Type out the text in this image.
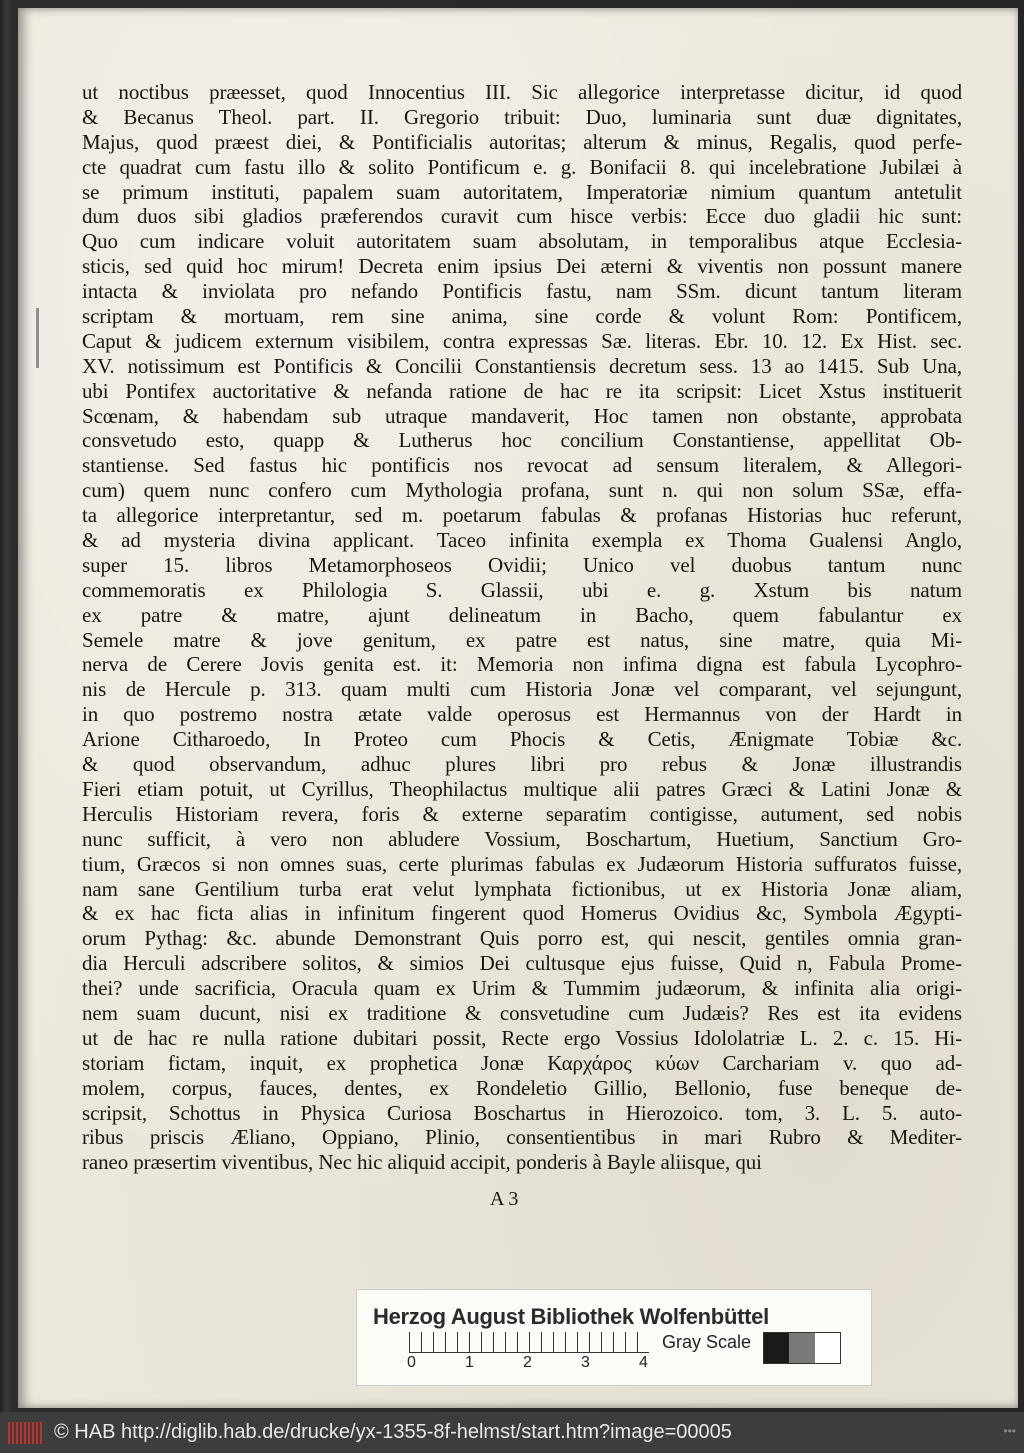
ut noctibus præesset, quod Innocentius III. Sic allegorice interpretasse dicitur, id quod
& Becanus Theol. part. II. Gregorio tribuit: Duo, luminaria sunt duæ dignitates,
Majus, quod præest diei, & Pontificialis autoritas; alterum & minus, Regalis, quod perfe-
cte quadrat cum fastu illo & solito Pontificum e. g. Bonifacii 8. qui incelebratione Jubilæi à
se primum instituti, papalem suam autoritatem, Imperatoriæ nimium quantum antetulit
dum duos sibi gladios præferendos curavit cum hisce verbis: Ecce duo gladii hic sunt:
Quo cum indicare voluit autoritatem suam absolutam, in temporalibus atque Ecclesia-
sticis, sed quid hoc mirum! Decreta enim ipsius Dei æterni & viventis non possunt manere
intacta & inviolata pro nefando Pontificis fastu, nam SSm. dicunt tantum literam
scriptam & mortuam, rem sine anima, sine corde & volunt Rom: Pontificem,
Caput & judicem externum visibilem, contra expressas Sæ. literas. Ebr. 10. 12. Ex Hist. sec.
XV. notissimum est Pontificis & Concilii Constantiensis decretum sess. 13 ao 1415. Sub Una,
ubi Pontifex auctoritative & nefanda ratione de hac re ita scripsit: Licet Xstus instituerit
Scœnam, & habendam sub utraque mandaverit, Hoc tamen non obstante, approbata
consvetudo esto, quapp & Lutherus hoc concilium Constantiense, appellitat Ob-
stantiense. Sed fastus hic pontificis nos revocat ad sensum literalem, & Allegori-
cum) quem nunc confero cum Mythologia profana, sunt n. qui non solum SSæ, effa-
ta allegorice interpretantur, sed m. poetarum fabulas & profanas Historias huc referunt,
& ad mysteria divina applicant. Taceo infinita exempla ex Thoma Gualensi Anglo,
super 15. libros Metamorphoseos Ovidii; Unico vel duobus tantum nunc
commemoratis ex Philologia S. Glassii, ubi e. g. Xstum bis natum
ex patre & matre, ajunt delineatum in Bacho, quem fabulantur ex
Semele matre & jove genitum, ex patre est natus, sine matre, quia Mi-
nerva de Cerere Jovis genita est. it: Memoria non infima digna est fabula Lycophro-
nis de Hercule p. 313. quam multi cum Historia Jonæ vel comparant, vel sejungunt,
in quo postremo nostra ætate valde operosus est Hermannus von der Hardt in
Arione Citharoedo, In Proteo cum Phocis & Cetis, Ænigmate Tobiæ &c.
& quod observandum, adhuc plures libri pro rebus & Jonæ illustrandis
Fieri etiam potuit, ut Cyrillus, Theophilactus multique alii patres Græci & Latini Jonæ &
Herculis Historiam revera, foris & externe separatim contigisse, autument, sed nobis
nunc sufficit, à vero non abludere Vossium, Boschartum, Huetium, Sanctium Gro-
tium, Græcos si non omnes suas, certe plurimas fabulas ex Judæorum Historia suffuratos fuisse,
nam sane Gentilium turba erat velut lymphata fictionibus, ut ex Historia Jonæ aliam,
& ex hac ficta alias in infinitum fingerent quod Homerus Ovidius &c, Symbola Ægypti-
orum Pythag: &c. abunde Demonstrant Quis porro est, qui nescit, gentiles omnia gran-
dia Herculi adscribere solitos, & simios Dei cultusque ejus fuisse, Quid n, Fabula Prome-
thei? unde sacrificia, Oracula quam ex Urim & Tummim judæorum, & infinita alia origi-
nem suam ducunt, nisi ex traditione & consvetudine cum Judæis? Res est ita evidens
ut de hac re nulla ratione dubitari possit, Recte ergo Vossius Idololatriæ L. 2. c. 15. Hi-
storiam fictam, inquit, ex prophetica Jonæ Καρχάρος κύων Carchariam v. quo ad-
molem, corpus, fauces, dentes, ex Rondeletio Gillio, Bellonio, fuse beneque de-
scripsit, Schottus in Physica Curiosa Boschartus in Hierozoico. tom, 3. L. 5. auto-
ribus priscis Æliano, Oppiano, Plinio, consentientibus in mari Rubro & Mediter-
raneo præsertim viventibus, Nec hic aliquid accipit, ponderis à Bayle aliisque, qui
A 3
Herzog August Bibliothek Wolfenbüttel
0	1	2	3	4
Gray Scale
© HAB http://diglib.hab.de/drucke/yx-1355-8f-helmst/start.htm?image=00005	•••
